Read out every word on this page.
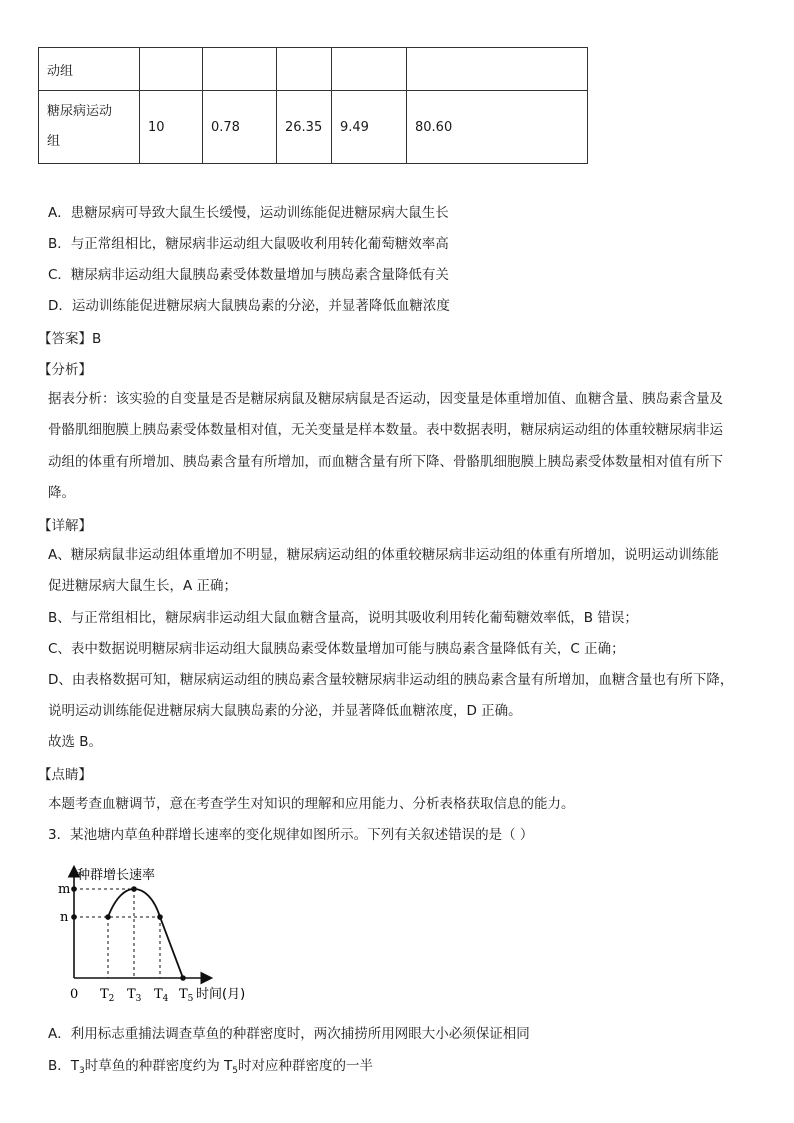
动组					

糖尿病运动
组	10	0.78	26.35	9.49	80.60
A．患糖尿病可导致大鼠生长缓慢，运动训练能促进糖尿病大鼠生长
B．与正常组相比，糖尿病非运动组大鼠吸收利用转化葡萄糖效率高
C．糖尿病非运动组大鼠胰岛素受体数量增加与胰岛素含量降低有关
D．运动训练能促进糖尿病大鼠胰岛素的分泌，并显著降低血糖浓度
【答案】B
【分析】
据表分析：该实验的自变量是否是糖尿病鼠及糖尿病鼠是否运动，因变量是体重增加值、血糖含量、胰岛素含量及
骨骼肌细胞膜上胰岛素受体数量相对值，无关变量是样本数量。表中数据表明，糖尿病运动组的体重较糖尿病非运
动组的体重有所增加、胰岛素含量有所增加，而血糖含量有所下降、骨骼肌细胞膜上胰岛素受体数量相对值有所下
降。
【详解】
A、糖尿病鼠非运动组体重增加不明显，糖尿病运动组的体重较糖尿病非运动组的体重有所增加，说明运动训练能
促进糖尿病大鼠生长，A 正确；
B、与正常组相比，糖尿病非运动组大鼠血糖含量高，说明其吸收利用转化葡萄糖效率低，B 错误；
C、表中数据说明糖尿病非运动组大鼠胰岛素受体数量增加可能与胰岛素含量降低有关，C 正确；
D、由表格数据可知，糖尿病运动组的胰岛素含量较糖尿病非运动组的胰岛素含量有所增加，血糖含量也有所下降，
说明运动训练能促进糖尿病大鼠胰岛素的分泌，并显著降低血糖浓度，D 正确。
故选 B。
【点睛】
本题考查血糖调节，意在考查学生对知识的理解和应用能力、分析表格获取信息的能力。
3．某池塘内草鱼种群增长速率的变化规律如图所示。下列有关叙述错误的是（ ）
种群增长速率
m
n
0 $T_2$ $T_3$ $T_4$ $T_5$ 时间(月)
A．利用标志重捕法调查草鱼的种群密度时，两次捕捞所用网眼大小必须保证相同
B．$T_3$时草鱼的种群密度约为 $T_5$时对应种群密度的一半
